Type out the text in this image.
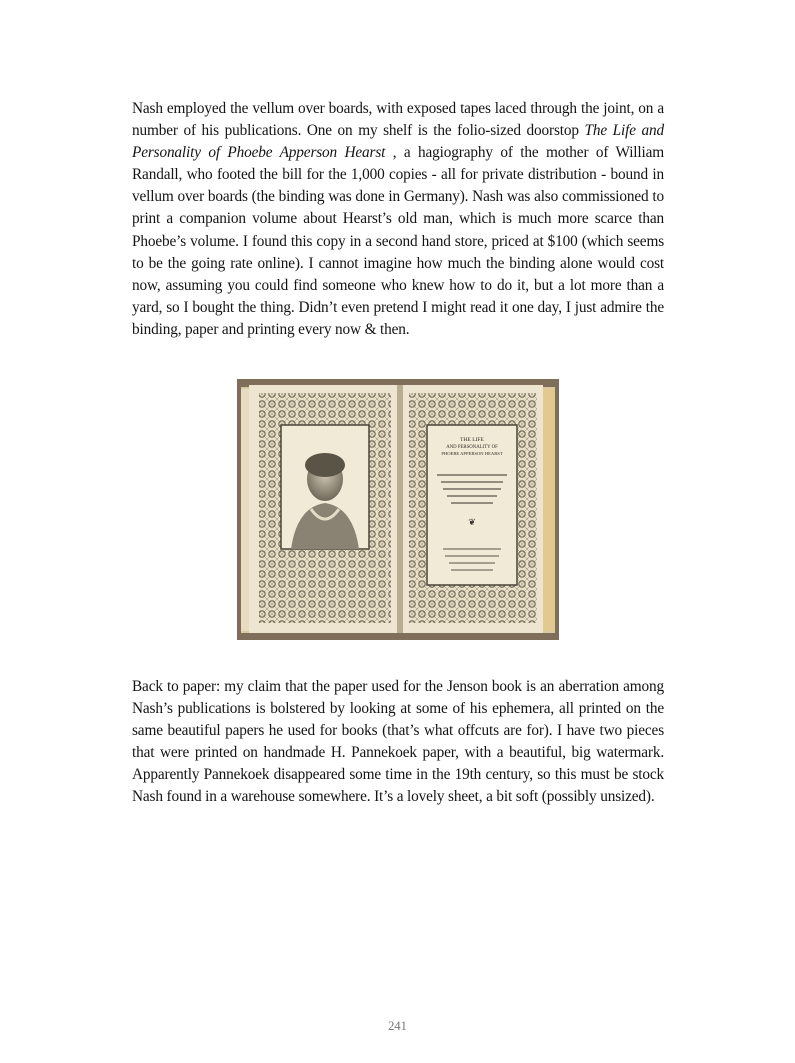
Nash employed the vellum over boards, with exposed tapes laced through the joint, on a number of his publications. One on my shelf is the folio-sized doorstop The Life and Personality of Phoebe Apperson Hearst , a hagiography of the mother of William Randall, who footed the bill for the 1,000 copies - all for private distribution - bound in vellum over boards (the binding was done in Germany). Nash was also commissioned to print a companion volume about Hearst’s old man, which is much more scarce than Phoebe’s volume. I found this copy in a second hand store, priced at $100 (which seems to be the going rate online). I cannot imagine how much the binding alone would cost now, assuming you could find someone who knew how to do it, but a lot more than a yard, so I bought the thing. Didn’t even pretend I might read it one day, I just admire the binding, paper and printing every now & then.

THE LIFE
AND PERSONALITY OF
PHOEBE APPERSON HEARST
❦

Back to paper: my claim that the paper used for the Jenson book is an aberration among Nash’s publications is bolstered by looking at some of his ephemera, all printed on the same beautiful papers he used for books (that’s what offcuts are for). I have two pieces that were printed on handmade H. Pannekoek paper, with a beautiful, big watermark. Apparently Pannekoek disappeared some time in the 19th century, so this must be stock Nash found in a warehouse somewhere. It’s a lovely sheet, a bit soft (possibly unsized).

241
